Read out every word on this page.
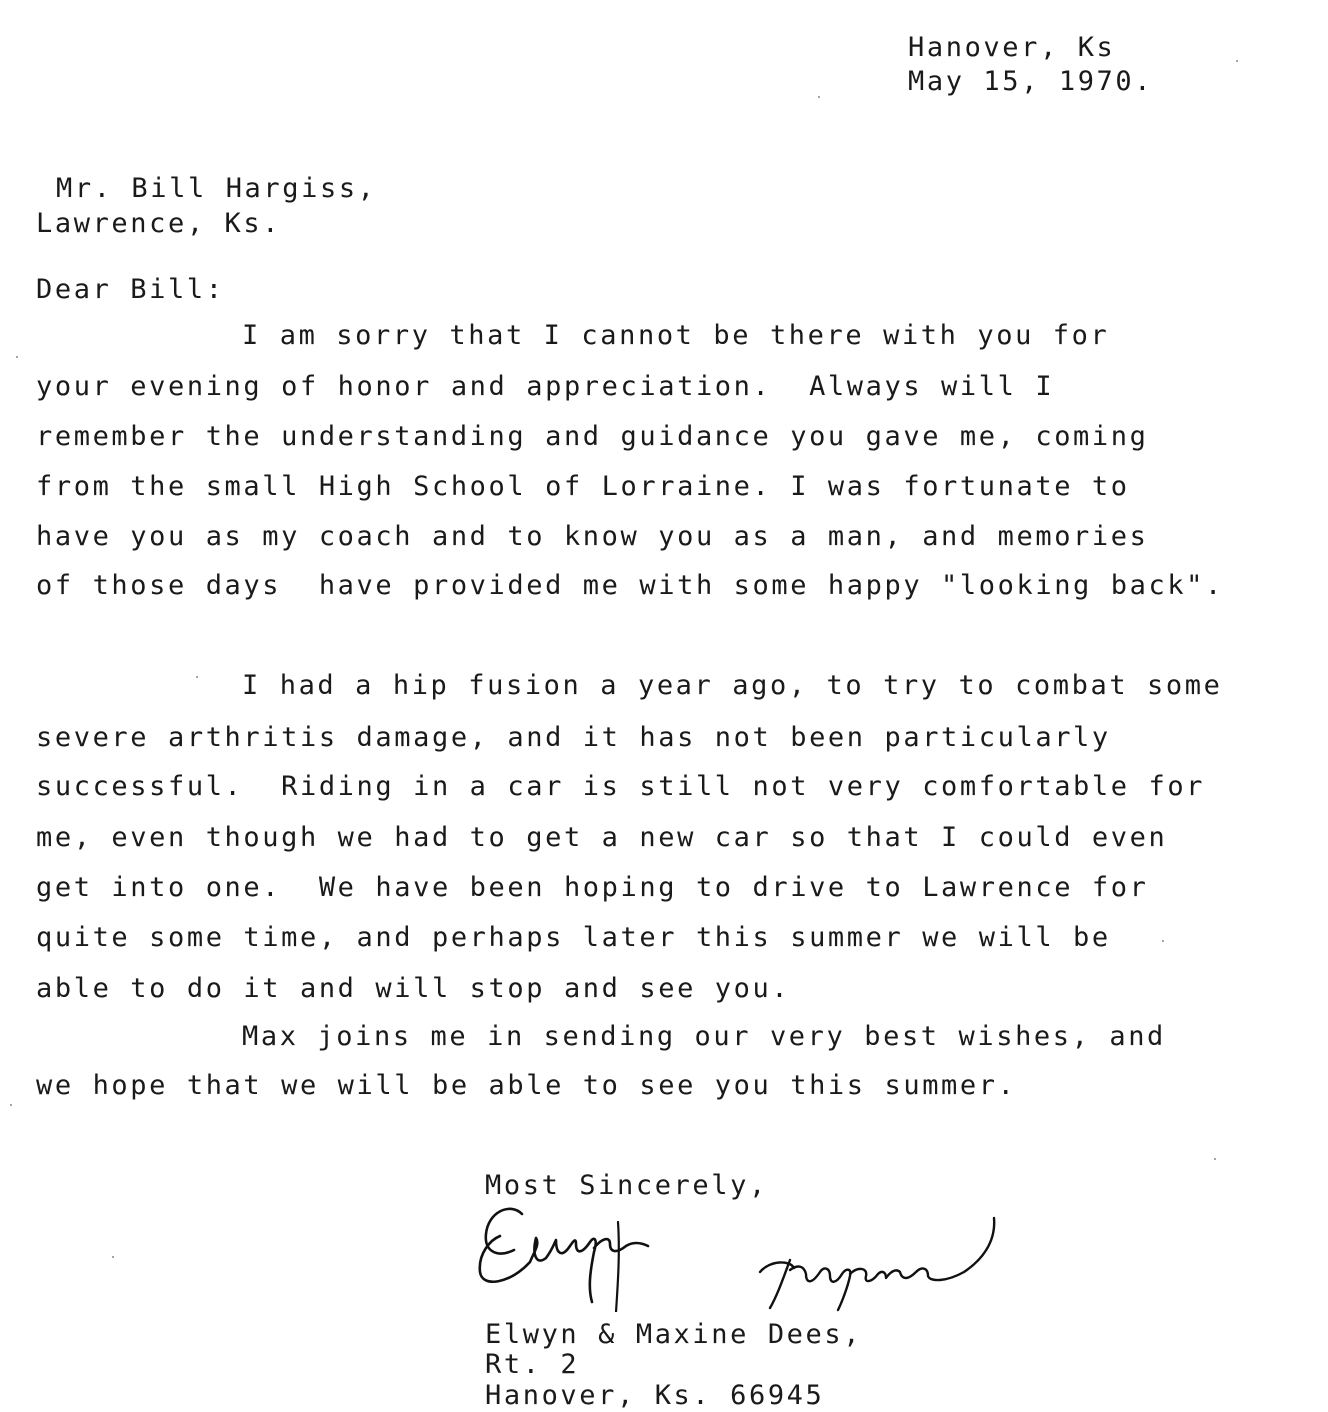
Hanover, Ks
May 15, 1970.
Mr. Bill Hargiss,
Lawrence, Ks.
Dear Bill:
I am sorry that I cannot be there with you for
your evening of honor and appreciation.  Always will I
remember the understanding and guidance you gave me, coming
from the small High School of Lorraine. I was fortunate to
have you as my coach and to know you as a man, and memories
of those days  have provided me with some happy "looking back".
I had a hip fusion a year ago, to try to combat some
severe arthritis damage, and it has not been particularly
successful.  Riding in a car is still not very comfortable for
me, even though we had to get a new car so that I could even
get into one.  We have been hoping to drive to Lawrence for
quite some time, and perhaps later this summer we will be
able to do it and will stop and see you.
Max joins me in sending our very best wishes, and
we hope that we will be able to see you this summer.
Most Sincerely,
Elwyn & Maxine Dees,
Rt. 2
Hanover, Ks. 66945
